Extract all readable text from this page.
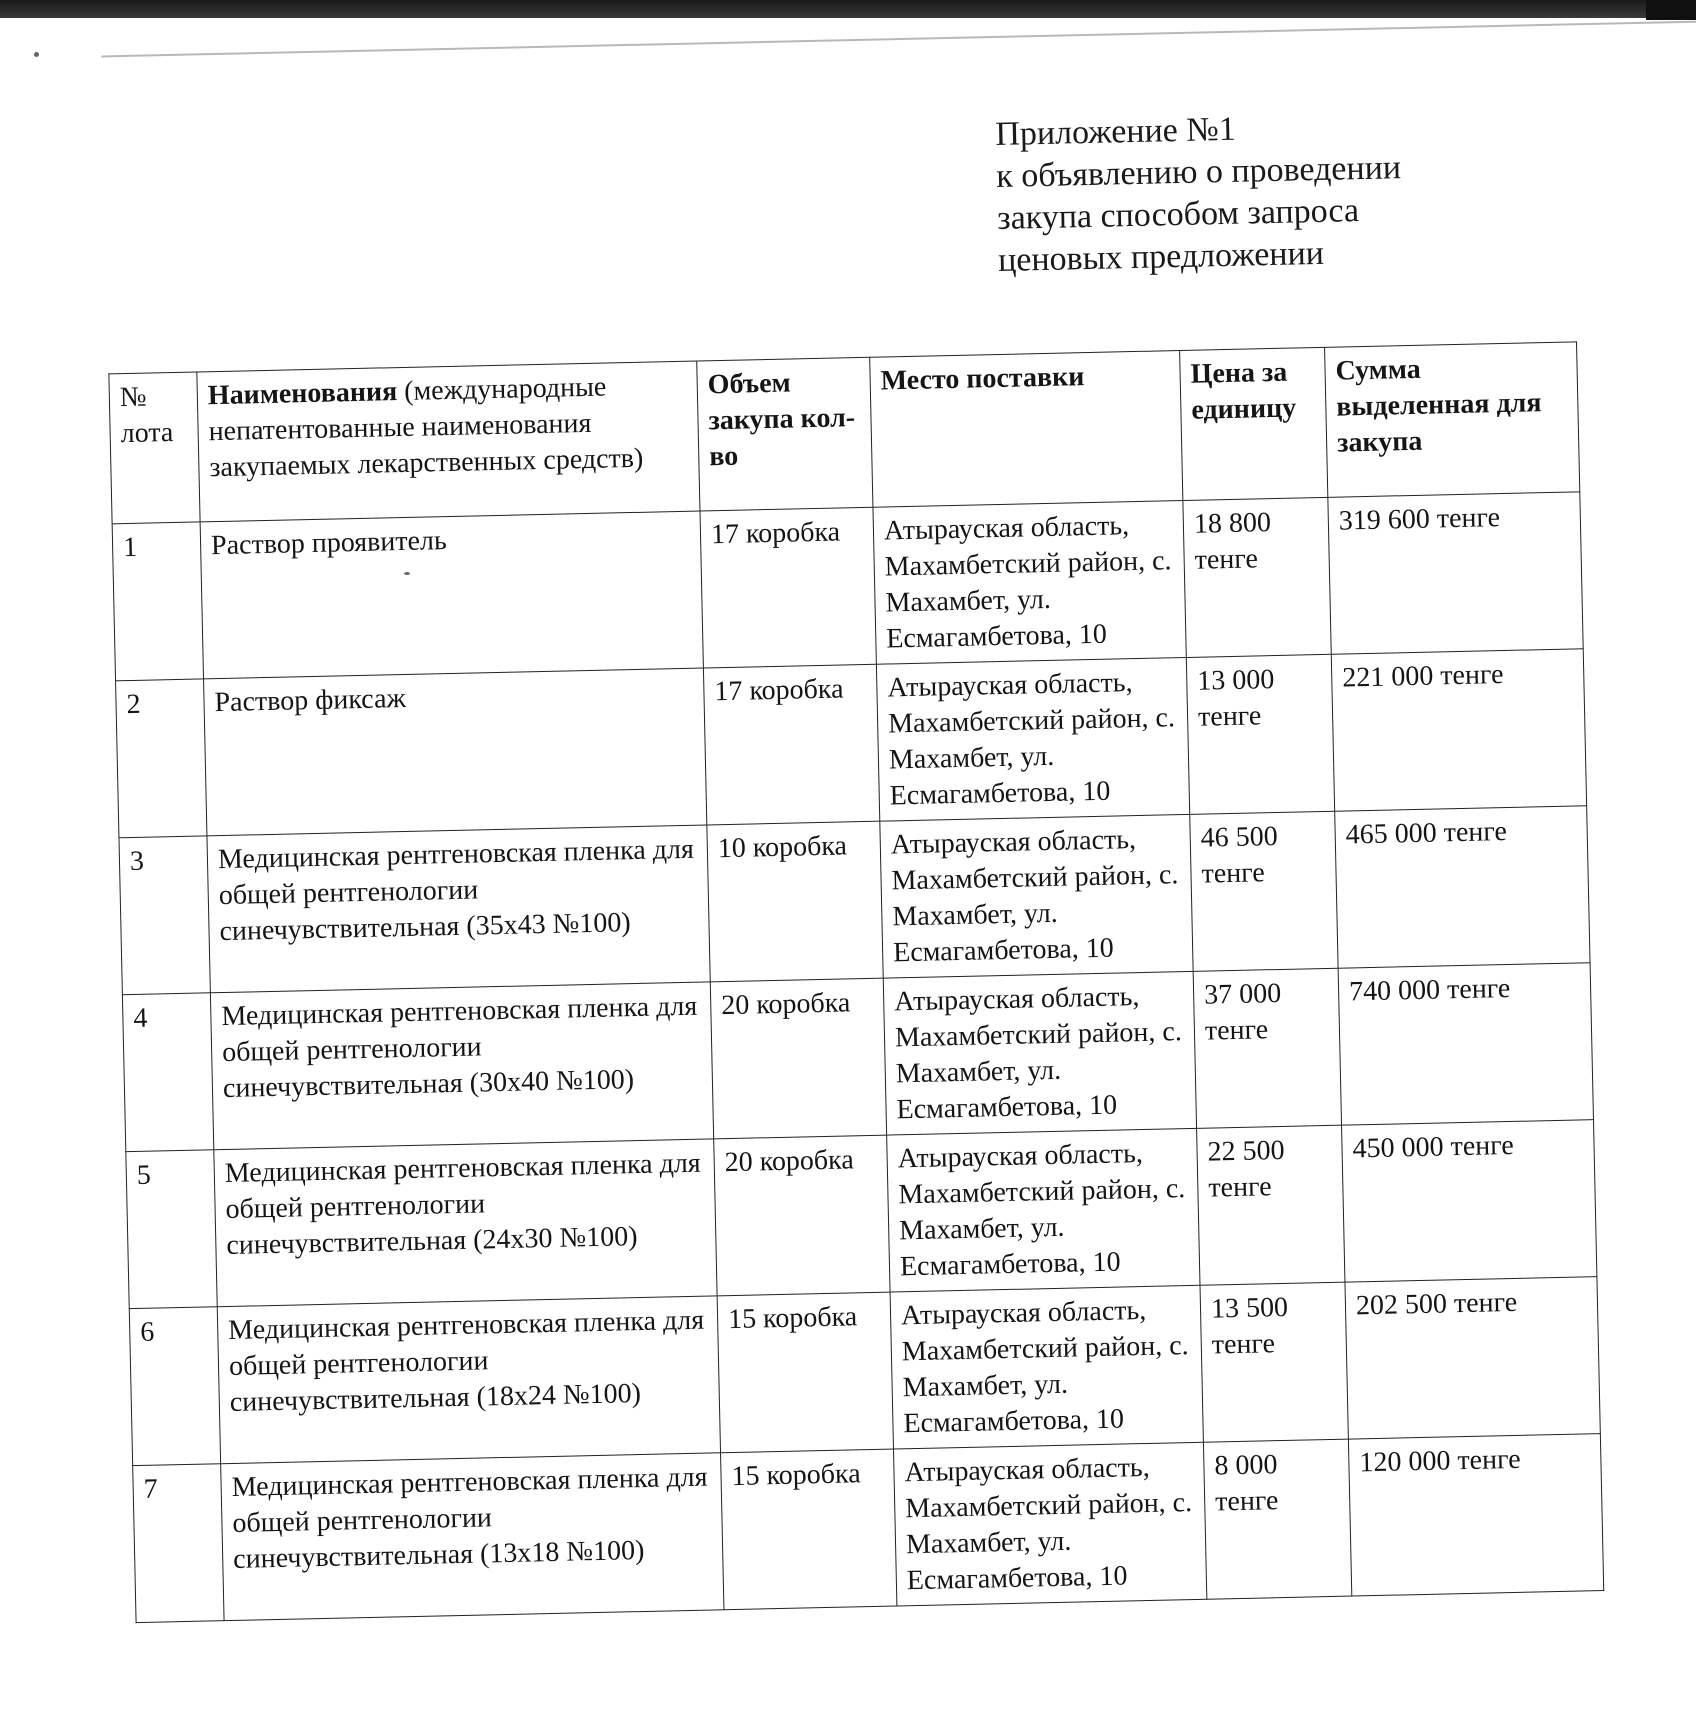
Приложение №1
к объявлению о проведении
закупа способом запроса
ценовых предложении
№ лота	Наименования (международные непатентованные наименования закупаемых лекарственных средств)	Объем закупа кол-во	Место поставки	Цена за единицу	Сумма выделенная для закупа
1	Раствор проявитель	17 коробка	Атырауская область, Махамбетский район, с. Махамбет, ул. Есмагамбетова, 10	18 800 тенге	319 600 тенге
2	Раствор фиксаж	17 коробка	Атырауская область, Махамбетский район, с. Махамбет, ул. Есмагамбетова, 10	13 000 тенге	221 000 тенге
3	Медицинская рентгеновская пленка для общей рентгенологии синечувствительная (35х43 №100)	10 коробка	Атырауская область, Махамбетский район, с. Махамбет, ул. Есмагамбетова, 10	46 500 тенге	465 000 тенге
4	Медицинская рентгеновская пленка для общей рентгенологии синечувствительная (30х40 №100)	20 коробка	Атырауская область, Махамбетский район, с. Махамбет, ул. Есмагамбетова, 10	37 000 тенге	740 000 тенге
5	Медицинская рентгеновская пленка для общей рентгенологии синечувствительная (24х30 №100)	20 коробка	Атырауская область, Махамбетский район, с. Махамбет, ул. Есмагамбетова, 10	22 500 тенге	450 000 тенге
6	Медицинская рентгеновская пленка для общей рентгенологии синечувствительная (18х24 №100)	15 коробка	Атырауская область, Махамбетский район, с. Махамбет, ул. Есмагамбетова, 10	13 500 тенге	202 500 тенге
7	Медицинская рентгеновская пленка для общей рентгенологии синечувствительная (13х18 №100)	15 коробка	Атырауская область, Махамбетский район, с. Махамбет, ул. Есмагамбетова, 10	8 000 тенге	120 000 тенге
